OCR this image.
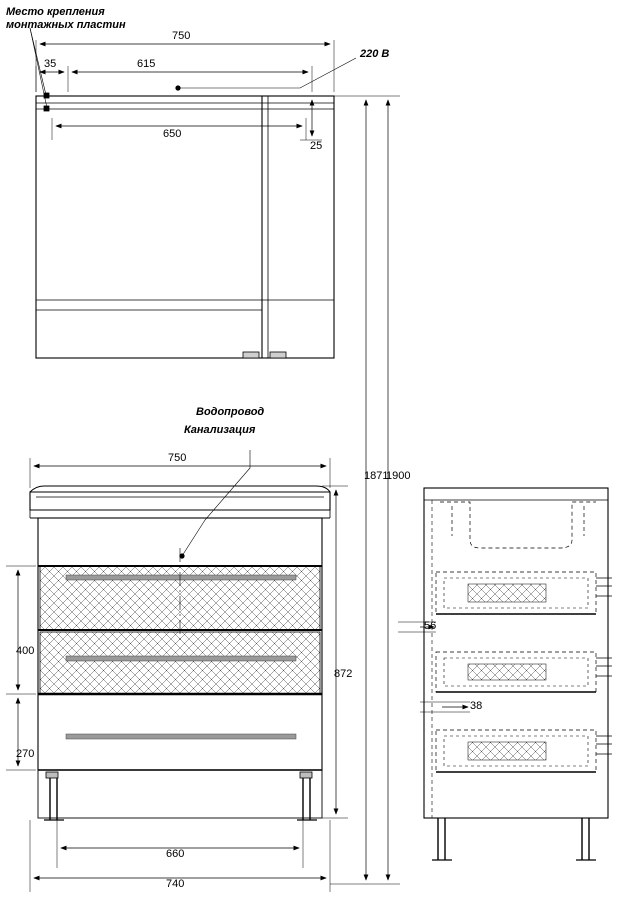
Место крепления
монтажных пластин
220 В
Водопровод
Канализация
750
35	615
650
25
1871
1900
750
400
270
872
660
740
56
38
